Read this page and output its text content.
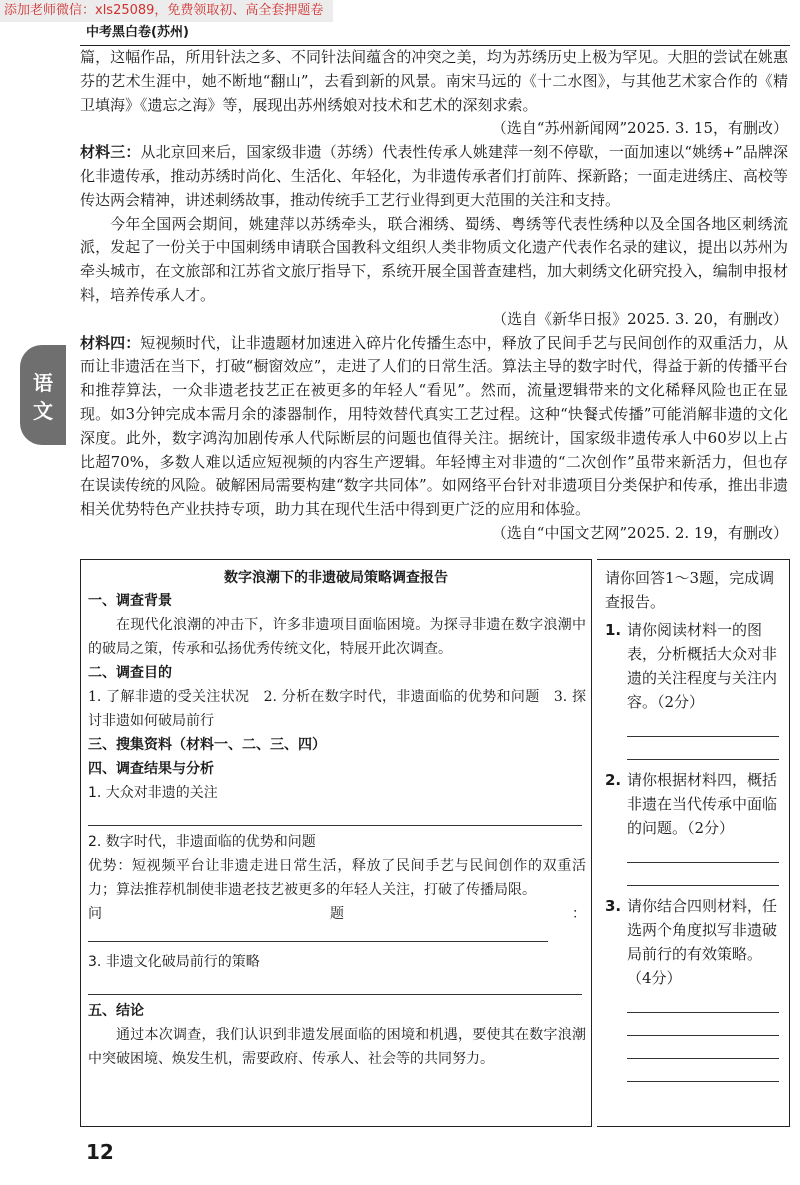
添加老师微信：xls25089，免费领取初、高全套押题卷
中考黑白卷(苏州)
语
文

篇，这幅作品，所用针法之多、不同针法间蕴含的冲突之美，均为苏绣历史上极为罕见。大胆的尝试在姚惠芬的艺术生涯中，她不断地“翻山”，去看到新的风景。南宋马远的《十二水图》，与其他艺术家合作的《精卫填海》《遗忘之海》等，展现出苏州绣娘对技术和艺术的深刻求索。

（选自“苏州新闻网”2025. 3. 15，有删改）

材料三：从北京回来后，国家级非遗（苏绣）代表性传承人姚建萍一刻不停歇，一面加速以“姚绣+”品牌深化非遗传承，推动苏绣时尚化、生活化、年轻化，为非遗传承者们打前阵、探新路；一面走进绣庄、高校等传达两会精神，讲述刺绣故事，推动传统手工艺行业得到更大范围的关注和支持。

今年全国两会期间，姚建萍以苏绣牵头，联合湘绣、蜀绣、粤绣等代表性绣种以及全国各地区刺绣流派，发起了一份关于中国刺绣申请联合国教科文组织人类非物质文化遗产代表作名录的建议，提出以苏州为牵头城市，在文旅部和江苏省文旅厅指导下，系统开展全国普查建档，加大刺绣文化研究投入，编制申报材料，培养传承人才。

（选自《新华日报》2025. 3. 20，有删改）

材料四：短视频时代，让非遗题材加速进入碎片化传播生态中，释放了民间手艺与民间创作的双重活力，从而让非遗活在当下，打破“橱窗效应”，走进了人们的日常生活。算法主导的数字时代，得益于新的传播平台和推荐算法，一众非遗老技艺正在被更多的年轻人“看见”。然而，流量逻辑带来的文化稀释风险也正在显现。如3分钟完成本需月余的漆器制作，用特效替代真实工艺过程。这种“快餐式传播”可能消解非遗的文化深度。此外，数字鸿沟加剧传承人代际断层的问题也值得关注。据统计，国家级非遗传承人中60岁以上占比超70%，多数人难以适应短视频的内容生产逻辑。年轻博主对非遗的“二次创作”虽带来新活力，但也存在误读传统的风险。破解困局需要构建“数字共同体”。如网络平台针对非遗项目分类保护和传承，推出非遗相关优势特色产业扶持专项，助力其在现代生活中得到更广泛的应用和体验。

（选自“中国文艺网”2025. 2. 19，有删改）

数字浪潮下的非遗破局策略调查报告

一、调查背景

在现代化浪潮的冲击下，许多非遗项目面临困境。为探寻非遗在数字浪潮中的破局之策，传承和弘扬优秀传统文化，特展开此次调查。

二、调查目的

1. 了解非遗的受关注状况　2. 分析在数字时代，非遗面临的优势和问题　3. 探讨非遗如何破局前行

三、搜集资料（材料一、二、三、四）

四、调查结果与分析

1. 大众对非遗的关注

2. 数字时代，非遗面临的优势和问题

优势：短视频平台让非遗走进日常生活，释放了民间手艺与民间创作的双重活力；算法推荐机制使非遗老技艺被更多的年轻人关注，打破了传播局限。

问题：

3. 非遗文化破局前行的策略

五、结论

通过本次调查，我们认识到非遗发展面临的困境和机遇，要使其在数字浪潮中突破困境、焕发生机，需要政府、传承人、社会等的共同努力。

请你回答1～3题，完成调查报告。

1. 请你阅读材料一的图表，分析概括大众对非遗的关注程度与关注内容。（2分）
2. 请你根据材料四，概括非遗在当代传承中面临的问题。（2分）
3. 请你结合四则材料，任选两个角度拟写非遗破局前行的有效策略。（4分）
12
